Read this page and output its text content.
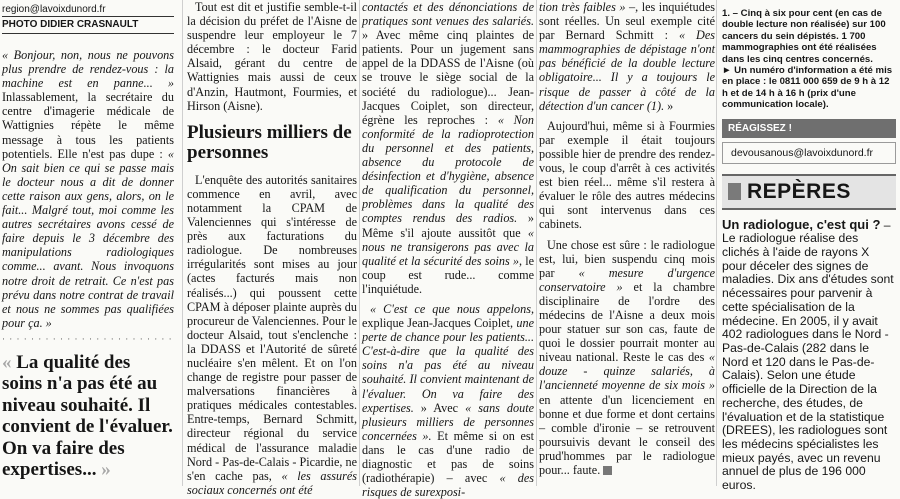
region@lavoixdunord.fr
PHOTO DIDIER CRASNAULT

« Bonjour, non, nous ne pouvons plus prendre de rendez-vous : la machine est en panne... » Inlassablement, la secrétaire du centre d'imagerie médicale de Wattignies répète le même message à tous les patients potentiels. Elle n'est pas dupe : « On sait bien ce qui se passe mais le docteur nous a dit de donner cette raison aux gens, alors, on le fait... Malgré tout, moi comme les autres secrétaires avons cessé de faire depuis le 3 décembre des manipulations radiologiques comme... avant. Nous invoquons notre droit de retrait. Ce n'est pas prévu dans notre contrat de travail et nous ne sommes pas qualifiées pour ça. »

· · · · · · · · · · · · · · · · · · · · · · · ·
« La qualité des soins n'a pas été au niveau souhaité. Il convient de l'évaluer. On va faire des expertises... »

Tout est dit et justifie semble-t-il la décision du préfet de l'Aisne de suspendre leur employeur le 7 décembre : le docteur Farid Alsaid, gérant du centre de Wattignies mais aussi de ceux d'Anzin, Hautmont, Fourmies, et Hirson (Aisne).

Plusieurs milliers de personnes

L'enquête des autorités sanitaires commence en avril, avec notamment la CPAM de Valenciennes qui s'intéresse de près aux facturations du radiologue. De nombreuses irrégularités sont mises au jour (actes facturés mais non réalisés...) qui poussent cette CPAM à déposer plainte auprès du procureur de Valenciennes. Pour le docteur Alsaid, tout s'enclenche : la DDASS et l'Autorité de sûreté nucléaire s'en mêlent. Et on l'on change de registre pour passer de malversations financières à pratiques médicales contestables. Entre-temps, Bernard Schmitt, directeur régional du service médical de l'assurance maladie Nord - Pas-de-Calais - Picardie, ne s'en cache pas, « les assurés sociaux concernés ont été

contactés et des dénonciations de pratiques sont venues des salariés. » Avec même cinq plaintes de patients. Pour un jugement sans appel de la DDASS de l'Aisne (où se trouve le siège social de la société du radiologue)... Jean-Jacques Coiplet, son directeur, égrène les reproches : « Non conformité de la radioprotection du personnel et des patients, absence du protocole de désinfection et d'hygiène, absence de qualification du personnel, problèmes dans la qualité des comptes rendus des radios. » Même s'il ajoute aussitôt que « nous ne transigerons pas avec la qualité et la sécurité des soins », le coup est rude... comme l'inquiétude.

« C'est ce que nous appelons, explique Jean-Jacques Coiplet, une perte de chance pour les patients... C'est-à-dire que la qualité des soins n'a pas été au niveau souhaité. Il convient maintenant de l'évaluer. On va faire des expertises. » Avec « sans doute plusieurs milliers de personnes concernées ». Et même si on est dans le cas d'une radio de diagnostic et pas de soins (radiothérapie) – avec « des risques de surexposi-

tion très faibles » –, les inquiétudes sont réelles. Un seul exemple cité par Bernard Schmitt : « Des mammographies de dépistage n'ont pas bénéficié de la double lecture obligatoire... Il y a toujours le risque de passer à côté de la détection d'un cancer (1). »

Aujourd'hui, même si à Fourmies par exemple il était toujours possible hier de prendre des rendez-vous, le coup d'arrêt à ces activités est bien réel... même s'il restera à évaluer le rôle des autres médecins qui sont intervenus dans ces cabinets.

Une chose est sûre : le radiologue est, lui, bien suspendu cinq mois par « mesure d'urgence conservatoire » et la chambre disciplinaire de l'ordre des médecins de l'Aisne a deux mois pour statuer sur son cas, faute de quoi le dossier pourrait monter au niveau national. Reste le cas des « douze - quinze salariés, à l'ancienneté moyenne de six mois » en attente d'un licenciement en bonne et due forme et dont certains – comble d'ironie – se retrouvent poursuivis devant le conseil des prud'hommes par le radiologue pour... faute.

1. – Cinq à six pour cent (en cas de double lecture non réalisée) sur 100 cancers du sein dépistés. 1 700 mammographies ont été réalisées dans les cinq centres concernés.
► Un numéro d'information a été mis en place : le 0811 000 659 de 9 h à 12 h et de 14 h à 16 h (prix d'une communication locale).
RÉAGISSEZ !
devousanous@lavoixdunord.fr
REPÈRES
Un radiologue, c'est qui ? – Le radiologue réalise des clichés à l'aide de rayons X pour déceler des signes de maladies. Dix ans d'études sont nécessaires pour parvenir à cette spécialisation de la médecine. En 2005, il y avait 402 radiologues dans le Nord - Pas-de-Calais (282 dans le Nord et 120 dans le Pas-de-Calais). Selon une étude officielle de la Direction de la recherche, des études, de l'évaluation et de la statistique (DREES), les radiologues sont les médecins spécialistes les mieux payés, avec un revenu annuel de plus de 196 000 euros.
